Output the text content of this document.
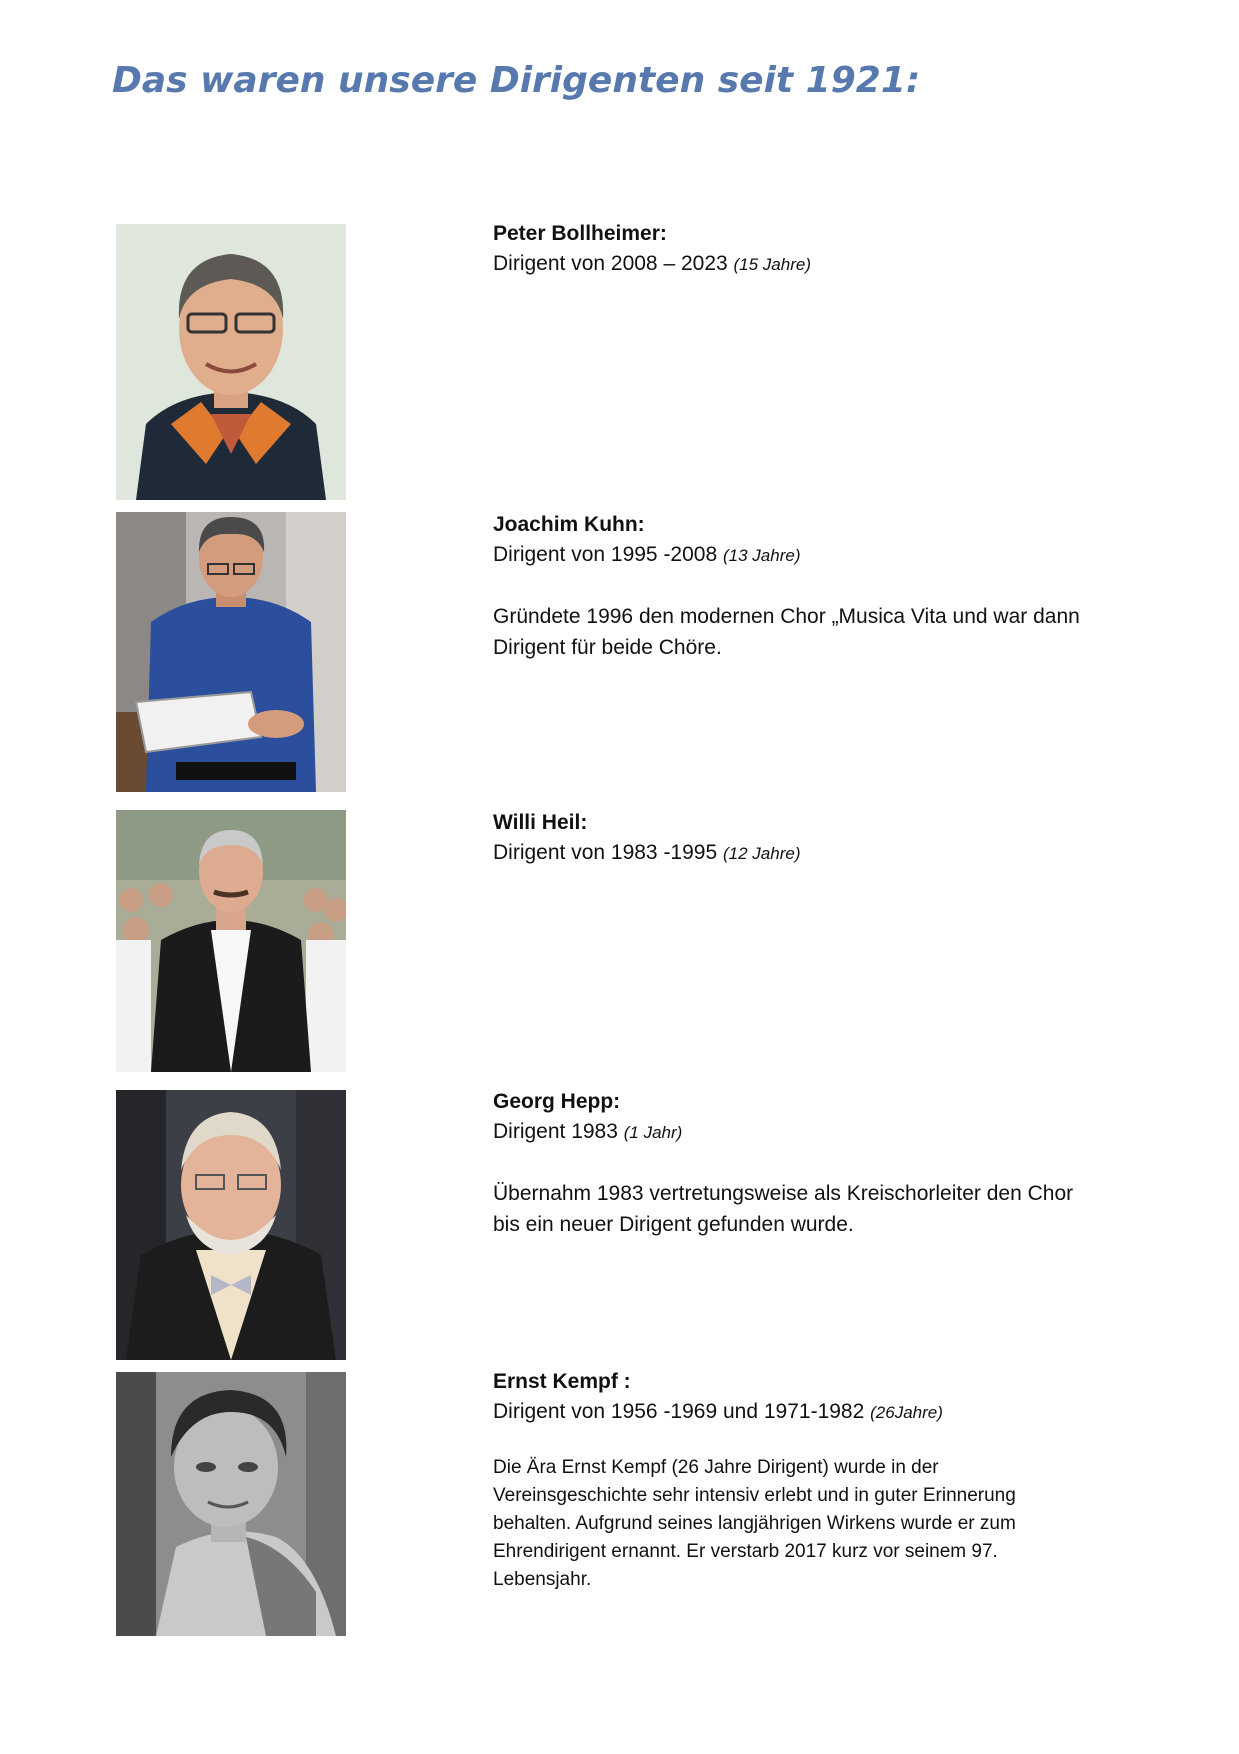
Das waren unsere Dirigenten seit 1921:

Peter Bollheimer:

Dirigent von 2008 – 2023 (15 Jahre)

Joachim Kuhn:

Dirigent von 1995 -2008 (13 Jahre)

Gründete 1996 den modernen Chor „Musica Vita und war dann Dirigent für beide Chöre.

Willi Heil:

Dirigent von 1983 -1995 (12 Jahre)

Georg Hepp:

Dirigent 1983 (1 Jahr)

Übernahm 1983 vertretungsweise als Kreischorleiter den Chor bis ein neuer Dirigent gefunden wurde.

Ernst Kempf :

Dirigent von 1956 -1969 und 1971-1982 (26Jahre)

Die Ära Ernst Kempf (26 Jahre Dirigent) wurde in der Vereinsgeschichte sehr intensiv erlebt und in guter Erinnerung behalten. Aufgrund seines langjährigen Wirkens wurde er zum Ehrendirigent ernannt. Er verstarb 2017 kurz vor seinem 97. Lebensjahr.
